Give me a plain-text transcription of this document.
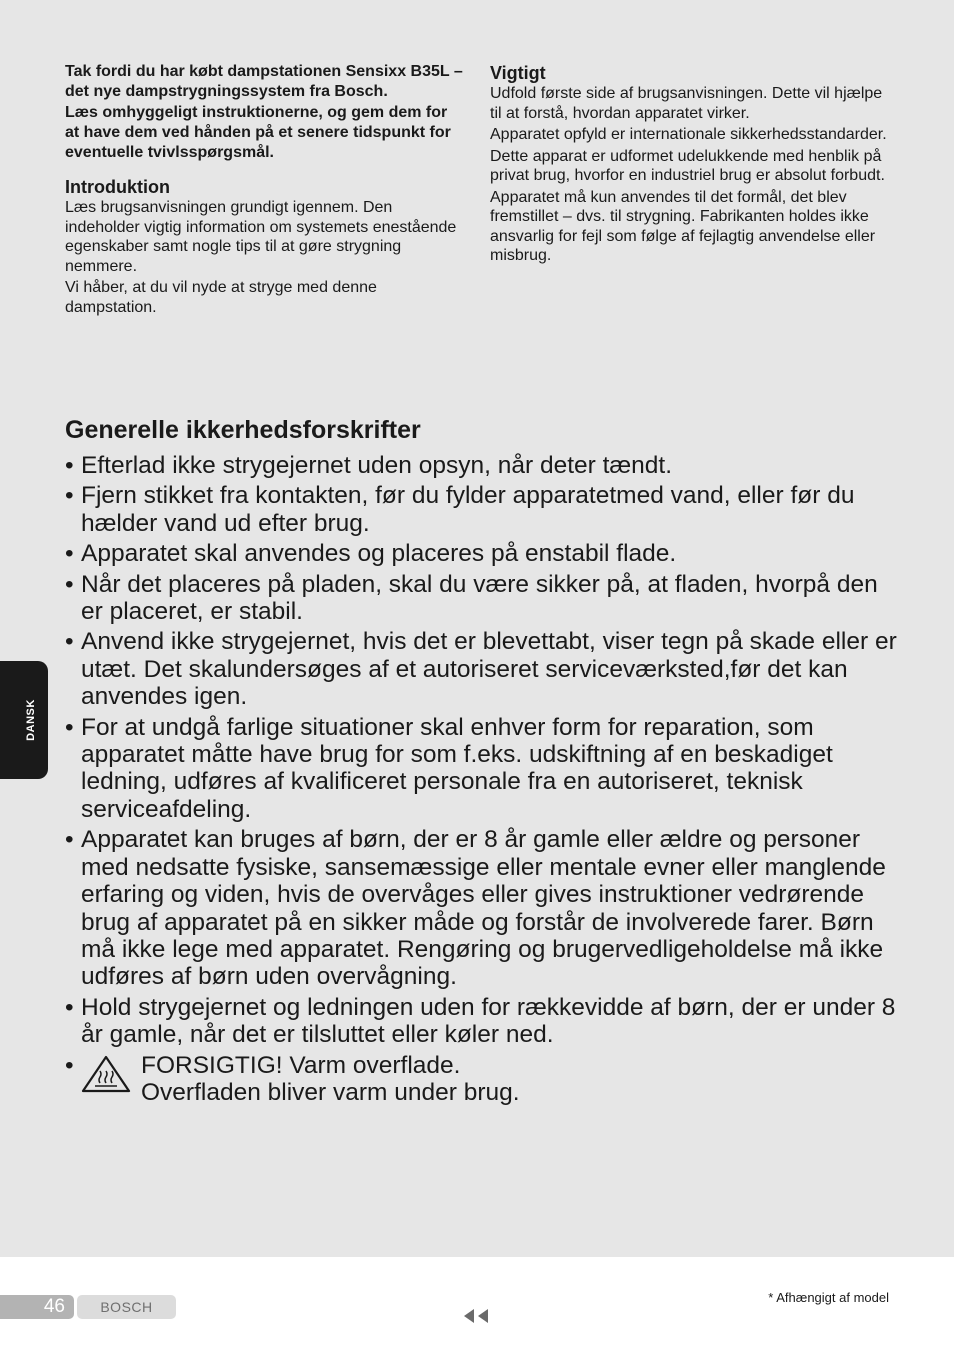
Tak fordi du har købt dampstationen Sensixx B35L – det nye dampstrygningssystem fra Bosch.

Læs omhyggeligt instruktionerne, og gem dem for at have dem ved hånden på et senere tidspunkt for eventuelle tvivlsspørgsmål.

Introduktion

Læs brugsanvisningen grundigt igennem. Den indeholder vigtig information om systemets enestående egenskaber samt nogle tips til at gøre strygning nemmere.

Vi håber, at du vil nyde at stryge med denne dampstation.

Vigtigt

Udfold første side af brugsanvisningen. Dette vil hjælpe til at forstå, hvordan apparatet virker.

Apparatet opfyld er internationale sikkerhedsstandarder.

Dette apparat er udformet udelukkende med henblik på privat brug, hvorfor en industriel brug er absolut forbudt.

Apparatet må kun anvendes til det formål, det blev fremstillet – dvs. til strygning. Fabrikanten holdes ikke ansvarlig for fejl som følge af fejlagtig anvendelse eller misbrug.

Generelle ikkerhedsforskrifter
• Efterlad ikke strygejernet uden opsyn, når deter tændt.
• Fjern stikket fra kontakten, før du fylder apparatetmed vand, eller før du hælder vand ud efter brug.
• Apparatet skal anvendes og placeres på enstabil flade.
• Når det placeres på pladen, skal du være sikker på, at fladen, hvorpå den er placeret, er stabil.
• Anvend ikke strygejernet, hvis det er blevettabt, viser tegn på skade eller er utæt. Det skalundersøges af et autoriseret serviceværksted,før det kan anvendes igen.
• For at undgå farlige situationer skal enhver form for reparation, som apparatet måtte have brug for som f.eks. udskiftning af en beskadiget ledning, udføres af kvalificeret personale fra en autoriseret, teknisk serviceafdeling.
• Apparatet kan bruges af børn, der er 8 år gamle eller ældre og personer med nedsatte fysiske, sansemæssige eller mentale evner eller manglende erfaring og viden, hvis de overvåges eller gives instruktioner vedrørende brug af apparatet på en sikker måde og forstår de involverede farer. Børn må ikke lege med apparatet. Rengøring og brugervedligeholdelse må ikke udføres af børn uden overvågning.
• Hold strygejernet og ledningen uden for rækkevidde af børn, der er under 8 år gamle, når det er tilsluttet eller køler ned.
•	FORSIGTIG! Varm overflade.
Overfladen bliver varm under brug.
DANSK
46	BOSCH
* Afhængigt af model
